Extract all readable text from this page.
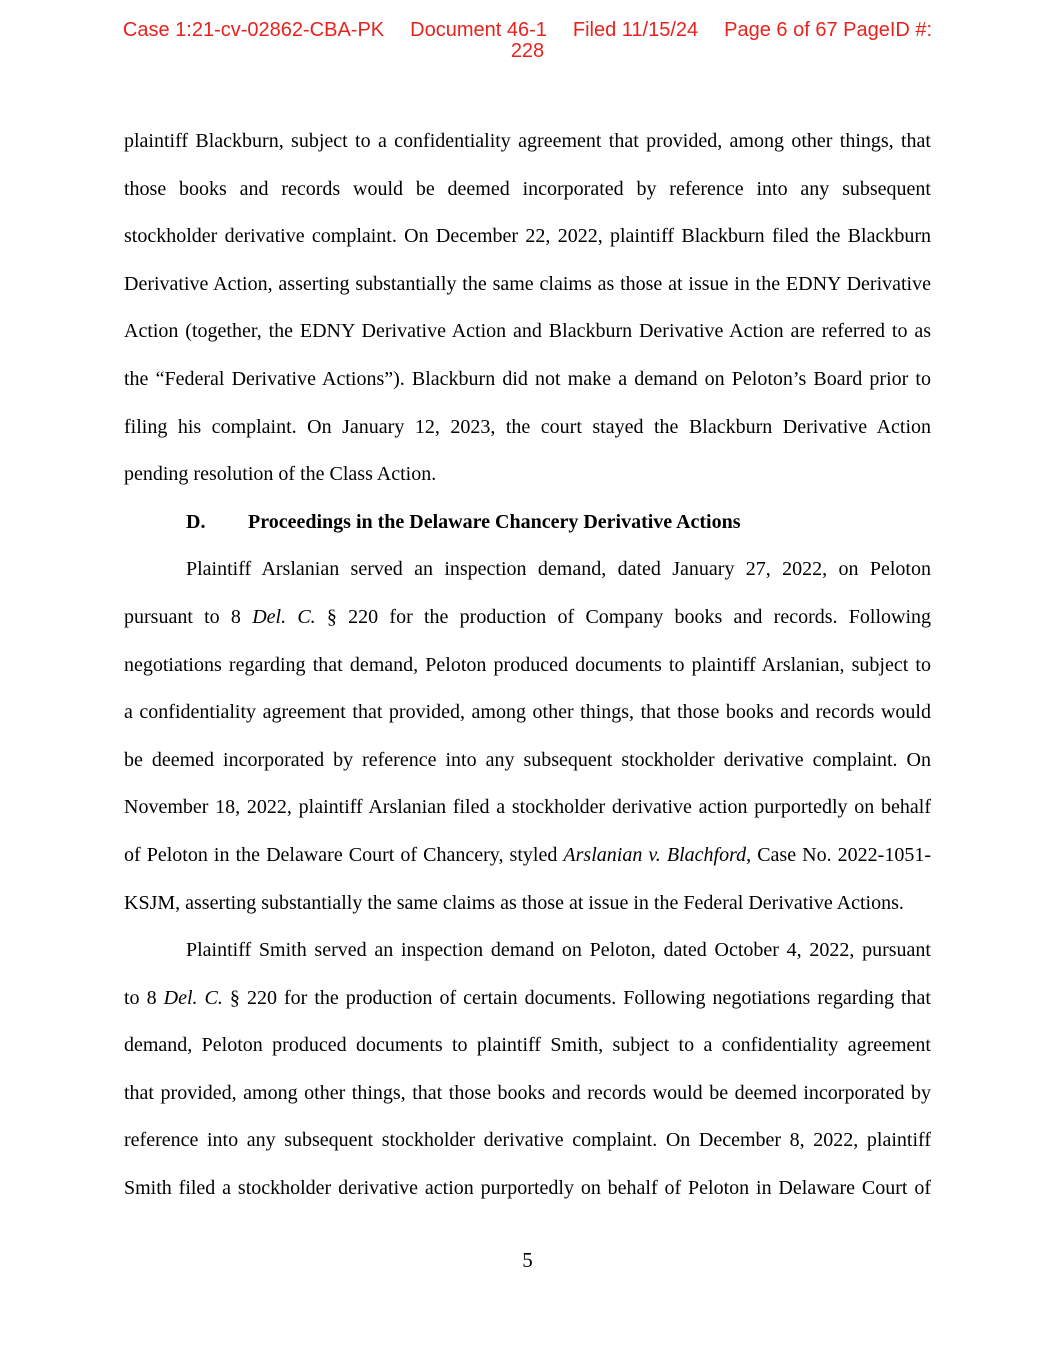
Case 1:21-cv-02862-CBA-PK Document 46-1 Filed 11/15/24 Page 6 of 67 PageID #:
228

plaintiff Blackburn, subject to a confidentiality agreement that provided, among other things, that
those books and records would be deemed incorporated by reference into any subsequent
stockholder derivative complaint. On December 22, 2022, plaintiff Blackburn filed the Blackburn
Derivative Action, asserting substantially the same claims as those at issue in the EDNY Derivative
Action (together, the EDNY Derivative Action and Blackburn Derivative Action are referred to as
the “Federal Derivative Actions”). Blackburn did not make a demand on Peloton’s Board prior to
filing his complaint. On January 12, 2023, the court stayed the Blackburn Derivative Action
pending resolution of the Class Action.

D. Proceedings in the Delaware Chancery Derivative Actions

Plaintiff Arslanian served an inspection demand, dated January 27, 2022, on Peloton
pursuant to 8 Del. C. § 220 for the production of Company books and records. Following
negotiations regarding that demand, Peloton produced documents to plaintiff Arslanian, subject to
a confidentiality agreement that provided, among other things, that those books and records would
be deemed incorporated by reference into any subsequent stockholder derivative complaint. On
November 18, 2022, plaintiff Arslanian filed a stockholder derivative action purportedly on behalf
of Peloton in the Delaware Court of Chancery, styled Arslanian v. Blachford, Case No. 2022-1051-
KSJM, asserting substantially the same claims as those at issue in the Federal Derivative Actions.

Plaintiff Smith served an inspection demand on Peloton, dated October 4, 2022, pursuant
to 8 Del. C. § 220 for the production of certain documents. Following negotiations regarding that
demand, Peloton produced documents to plaintiff Smith, subject to a confidentiality agreement
that provided, among other things, that those books and records would be deemed incorporated by
reference into any subsequent stockholder derivative complaint. On December 8, 2022, plaintiff
Smith filed a stockholder derivative action purportedly on behalf of Peloton in Delaware Court of

5
